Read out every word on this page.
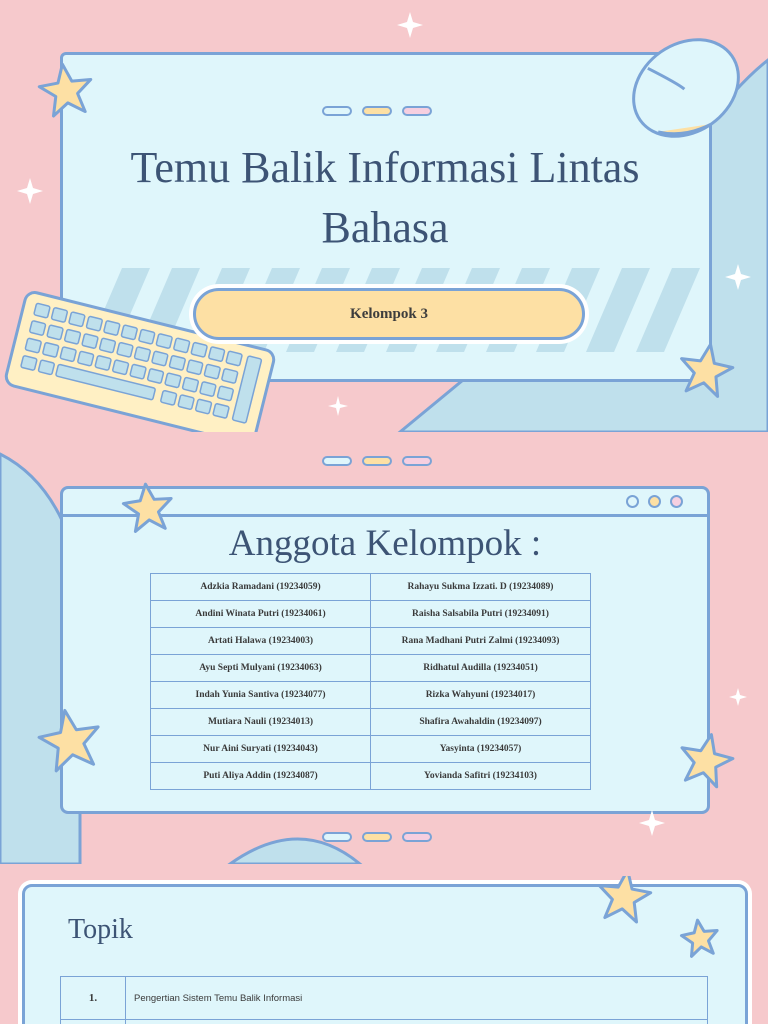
Temu Balik Informasi Lintas Bahasa
Kelompok 3
Anggota Kelompok :
Adzkia Ramadani (19234059)	Rahayu Sukma Izzati. D (19234089)
Andini Winata Putri (19234061)	Raisha Salsabila Putri (19234091)
Artati Halawa (19234003)	Rana Madhani Putri Zalmi (19234093)
Ayu Septi Mulyani (19234063)	Ridhatul Audilla (19234051)
Indah Yunia Santiva (19234077)	Rizka Wahyuni (19234017)
Mutiara Nauli (19234013)	Shafira Awahaldin (19234097)
Nur Aini Suryati (19234043)	Yasyinta (19234057)
Puti Aliya Addin (19234087)	Yovianda Safitri (19234103)
Topik
1.	Pengertian Sistem Temu Balik Informasi
